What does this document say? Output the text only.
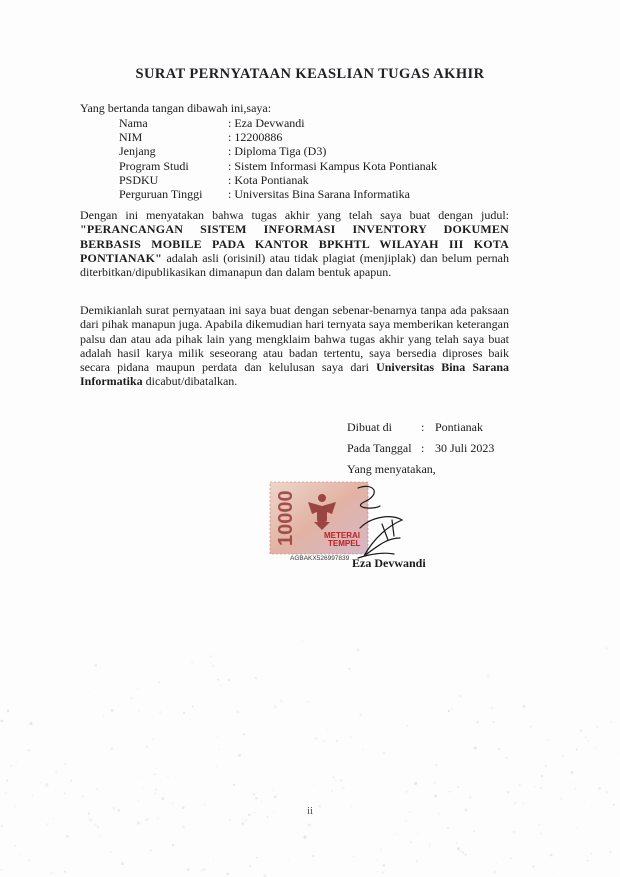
SURAT PERNYATAAN KEASLIAN TUGAS AKHIR
Yang bertanda tangan dibawah ini,saya:
Nama	: Eza Devwandi
NIM	: 12200886
Jenjang	: Diploma Tiga (D3)
Program Studi	: Sistem Informasi Kampus Kota Pontianak
PSDKU	: Kota Pontianak
Perguruan Tinggi	: Universitas Bina Sarana Informatika
Dengan ini menyatakan bahwa tugas akhir yang telah saya buat dengan judul: "PERANCANGAN SISTEM INFORMASI INVENTORY DOKUMEN BERBASIS MOBILE PADA KANTOR BPKHTL WILAYAH III KOTA PONTIANAK" adalah asli (orisinil) atau tidak plagiat (menjiplak) dan belum pernah diterbitkan/dipublikasikan dimanapun dan dalam bentuk apapun.
Demikianlah surat pernyataan ini saya buat dengan sebenar-benarnya tanpa ada paksaan dari pihak manapun juga. Apabila dikemudian hari ternyata saya memberikan keterangan palsu dan atau ada pihak lain yang mengklaim bahwa tugas akhir yang telah saya buat adalah hasil karya milik seseorang atau badan tertentu, saya bersedia diproses baik secara pidana maupun perdata dan kelulusan saya dari Universitas Bina Sarana Informatika dicabut/dibatalkan.
Dibuat di	: Pontianak
Pada Tanggal : 30 Juli 2023
Yang menyatakan,
10000	METERAI
TEMPEL
AGBAKX526997839 Eza Devwandi
ii
